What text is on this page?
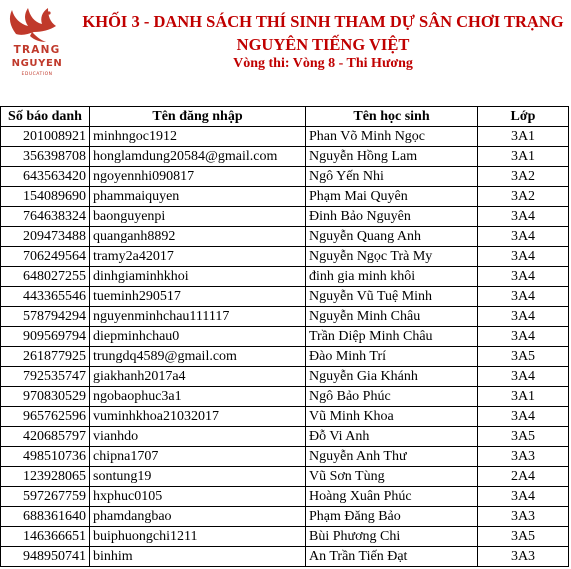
TRANG
NGUYEN
EDUCATION
KHỐI 3 - DANH SÁCH THÍ SINH THAM DỰ SÂN CHƠI TRẠNG
NGUYÊN TIẾNG VIỆT
Vòng thi: Vòng 8 - Thi Hương
Số báo danh	Tên đăng nhập	Tên học sinh	Lớp
201008921	minhngoc1912	Phan Võ Minh Ngọc	3A1
356398708	honglamdung20584@gmail.com	Nguyễn Hồng Lam	3A1
643563420	ngoyennhi090817	Ngô Yến Nhi	3A2
154089690	phammaiquyen	Phạm Mai Quyên	3A2
764638324	baonguyenpi	Đinh Bảo Nguyên	3A4
209473488	quanganh8892	Nguyễn Quang Anh	3A4
706249564	tramy2a42017	Nguyễn Ngọc Trà My	3A4
648027255	dinhgiaminhkhoi	đinh gia minh khôi	3A4
443365546	tueminh290517	Nguyễn Vũ Tuệ Minh	3A4
578794294	nguyenminhchau111117	Nguyễn Minh Châu	3A4
909569794	diepminhchau0	Trần Diệp Minh Châu	3A4
261877925	trungdq4589@gmail.com	Đào Minh Trí	3A5
792535747	giakhanh2017a4	Nguyễn Gia Khánh	3A4
970830529	ngobaophuc3a1	Ngô Bảo Phúc	3A1
965762596	vuminhkhoa21032017	Vũ Minh Khoa	3A4
420685797	vianhdo	Đỗ Vi Anh	3A5
498510736	chipna1707	Nguyễn Anh Thư	3A3
123928065	sontung19	Vũ Sơn Tùng	2A4
597267759	hxphuc0105	Hoàng Xuân Phúc	3A4
688361640	phamdangbao	Phạm Đăng Bảo	3A3
146366651	buiphuongchi1211	Bùi Phương Chi	3A5
948950741	binhim	An Trần Tiến Đạt	3A3
